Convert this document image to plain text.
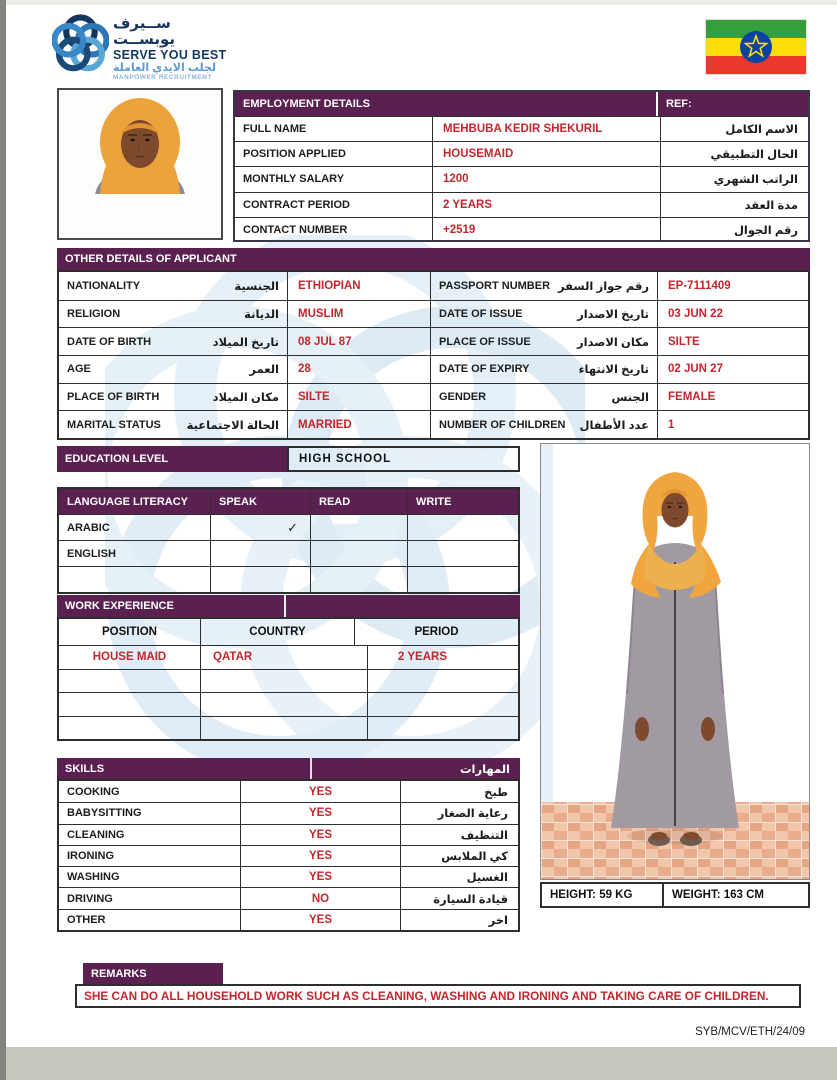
ســيرف يوبســت
SERVE YOU BEST
لجلب الايدي العاملة
MANPOWER RECRUITMENT
EMPLOYMENT DETAILS	REF:
FULL NAME	MEHBUBA KEDIR SHEKURIL	الاسم الكامل
POSITION APPLIED	HOUSEMAID	الحال التطبيقي
MONTHLY SALARY	1200	الراتب الشهري
CONTRACT PERIOD	2 YEARS	مدة العقد
CONTACT NUMBER	+2519	رقم الجوال
OTHER DETAILS OF APPLICANT
NATIONALITY	الجنسية	ETHIOPIAN	PASSPORT NUMBER رقم جواز السفر	EP-7111409
RELIGION	الديانة	MUSLIM	DATE OF ISSUE	تاريخ الاصدار	03 JUN 22
DATE OF BIRTH	تاريخ الميلاد	08 JUL 87	PLACE OF ISSUE	مكان الاصدار	SILTE
AGE	العمر	28	DATE OF EXPIRY	تاريخ الانتهاء	02 JUN 27
PLACE OF BIRTH	مكان الميلاد	SILTE	GENDER	الجنس	FEMALE
MARITAL STATUS الحالة الاجتماعية	MARRIED	NUMBER OF CHILDREN عدد الأطفال	1
EDUCATION LEVEL	HIGH SCHOOL
LANGUAGE LITERACY	SPEAK	READ	WRITE
ARABIC	✓
ENGLISH
WORK EXPERIENCE
POSITION	COUNTRY	PERIOD
HOUSE MAID	QATAR	2 YEARS
SKILLS	المهارات
COOKING	YES	طبخ
BABYSITTING	YES	رعاية الصغار
CLEANING	YES	التنظيف
IRONING	YES	كي الملابس
WASHING	YES	الغسيل
DRIVING	NO	قيادة السيارة
OTHER	YES	اخر
HEIGHT: 59 KG	WEIGHT: 163 CM
REMARKS
SHE CAN DO ALL HOUSEHOLD WORK SUCH AS CLEANING, WASHING AND IRONING AND TAKING CARE OF CHILDREN.
SYB/MCV/ETH/24/09
